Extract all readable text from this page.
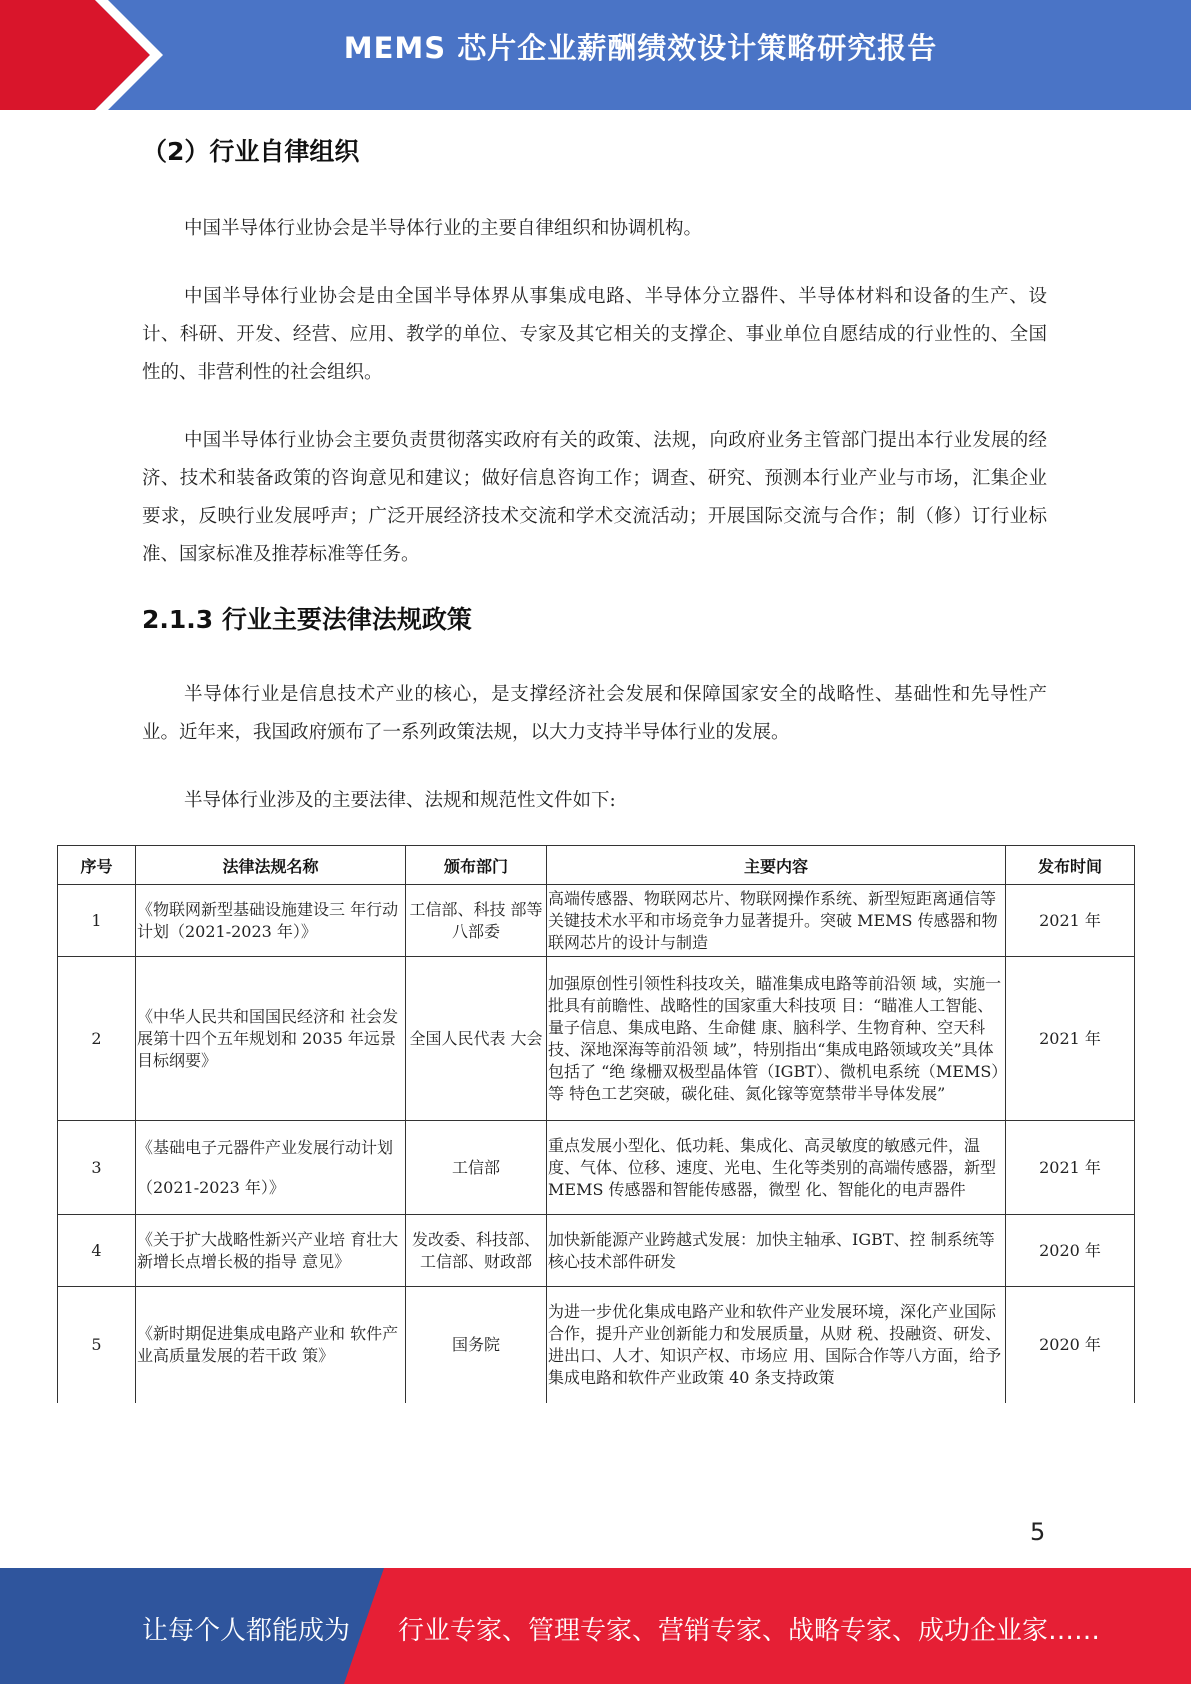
MEMS 芯片企业薪酬绩效设计策略研究报告
（2）行业自律组织

中国半导体行业协会是半导体行业的主要自律组织和协调机构。

中国半导体行业协会是由全国半导体界从事集成电路、半导体分立器件、半导体材料和设备的生产、设计、科研、开发、经营、应用、教学的单位、专家及其它相关的支撑企、事业单位自愿结成的行业性的、全国性的、非营利性的社会组织。

中国半导体行业协会主要负责贯彻落实政府有关的政策、法规，向政府业务主管部门提出本行业发展的经济、技术和装备政策的咨询意见和建议；做好信息咨询工作；调查、研究、预测本行业产业与市场，汇集企业要求，反映行业发展呼声；广泛开展经济技术交流和学术交流活动；开展国际交流与合作；制（修）订行业标准、国家标准及推荐标准等任务。

2.1.3 行业主要法律法规政策

半导体行业是信息技术产业的核心，是支撑经济社会发展和保障国家安全的战略性、基础性和先导性产业。近年来，我国政府颁布了一系列政策法规，以大力支持半导体行业的发展。

半导体行业涉及的主要法律、法规和规范性文件如下:

序号	法律法规名称	颁布部门	主要内容	发布时间
1	《物联网新型基础设施建设三 年行动计划（2021-2023 年）》	工信部、科技 部等八部委	高端传感器、物联网芯片、物联网操作系统、新型短距离通信等关键技术水平和市场竞争力显著提升。突破 MEMS 传感器和物联网芯片的设计与制造	2021 年
2	《中华人民共和国国民经济和 社会发展第十四个五年规划和 2035 年远景目标纲要》	全国人民代表 大会	加强原创性引领性科技攻关，瞄准集成电路等前沿领 域，实施一批具有前瞻性、战略性的国家重大科技项 目：“瞄准人工智能、量子信息、集成电路、生命健 康、脑科学、生物育种、空天科技、深地深海等前沿领 域”，特别指出“集成电路领域攻关”具体包括了 “绝 缘栅双极型晶体管（IGBT）、微机电系统（MEMS）等 特色工艺突破，碳化硅、氮化镓等宽禁带半导体发展”	2021 年
3	《基础电子元器件产业发展行动计划（2021-2023 年）》	工信部	重点发展小型化、低功耗、集成化、高灵敏度的敏感元件，温度、气体、位移、速度、光电、生化等类别的高端传感器，新型 MEMS 传感器和智能传感器，微型 化、智能化的电声器件	2021 年
4	《关于扩大战略性新兴产业培 育壮大新增长点增长极的指导 意见》	发改委、科技部、工信部、财政部	加快新能源产业跨越式发展：加快主轴承、IGBT、控 制系统等核心技术部件研发	2020 年
5	《新时期促进集成电路产业和 软件产业高质量发展的若干政 策》	国务院	为进一步优化集成电路产业和软件产业发展环境，深化产业国际合作，提升产业创新能力和发展质量，从财 税、投融资、研发、进出口、人才、知识产权、市场应 用、国际合作等八方面，给予集成电路和软件产业政策 40 条支持政策	2020 年
5
让每个人都能成为 行业专家、管理专家、营销专家、战略专家、成功企业家……
